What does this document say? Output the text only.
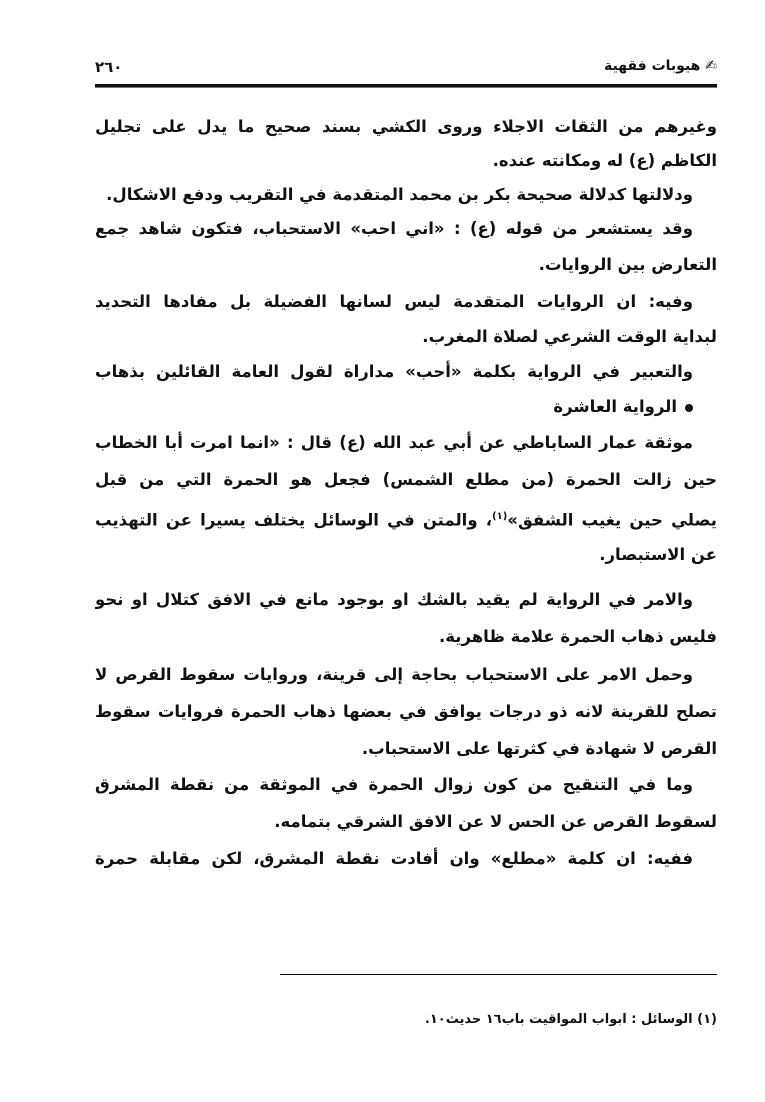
✍ هيوبات فقهية
٢٦٠
وغيرهم من الثقات الاجلاء وروى الكشي بسند صحيح ما يدل على تجليل
الكاظم (ع) له ومكانته عنده.
ودلالتها كدلالة صحيحة بكر بن محمد المتقدمة في التقريب ودفع الاشكال.
وقد يستشعر من قوله (ع) : «اني احب» الاستحباب، فتكون شاهد جمع
التعارض بين الروايات.
وفيه: ان الروايات المتقدمة ليس لسانها الفضيلة بل مفادها التحديد
لبداية الوقت الشرعي لصلاة المغرب.
والتعبير في الرواية بكلمة «أحب» مداراة لقول العامة القائلين بذهاب
الرواية العاشرة
موثقة عمار الساباطي عن أبي عبد الله (ع) قال : «انما امرت أبا الخطاب
حين زالت الحمرة (من مطلع الشمس) فجعل هو الحمرة التي من قبل
يصلي حين يغيب الشفق»$^{(١)}$، والمتن في الوسائل يختلف يسيرا عن التهذيب
عن الاستبصار.
والامر في الرواية لم يقيد بالشك او بوجود مانع في الافق كتلال او نحو
فليس ذهاب الحمرة علامة ظاهرية.
وحمل الامر على الاستحباب بحاجة إلى قرينة، وروايات سقوط القرص لا
تصلح للقرينة لانه ذو درجات يوافق في بعضها ذهاب الحمرة فروايات سقوط
القرص لا شهادة في كثرتها على الاستحباب.
وما في التنقيح من كون زوال الحمرة في الموثقة من نقطة المشرق
لسقوط القرص عن الحس لا عن الافق الشرقي بتمامه.
ففيه: ان كلمة «مطلع» وان أفادت نقطة المشرق، لكن مقابلة حمرة
(١) الوسائل : ابواب المواقيت باب١٦ حديث١٠.
